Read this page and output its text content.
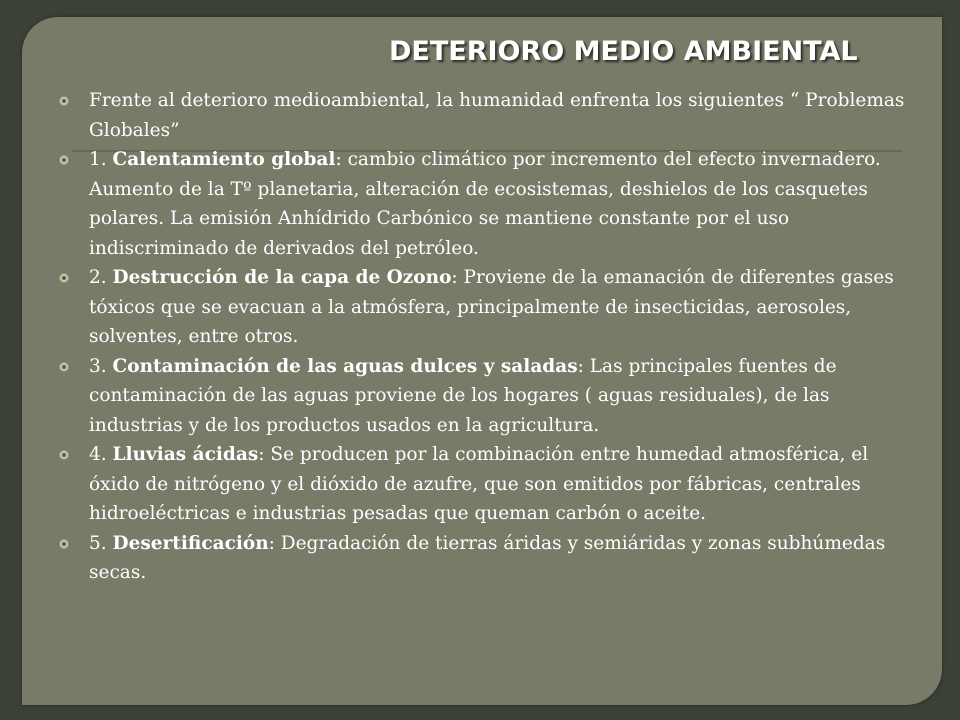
DETERIORO MEDIO AMBIENTAL
Frente al deterioro medioambiental, la humanidad enfrenta los siguientes “ Problemas Globales”
1. Calentamiento global: cambio climático por incremento del efecto invernadero. Aumento de la Tº planetaria, alteración de ecosistemas, deshielos de los casquetes polares. La emisión Anhídrido Carbónico se mantiene constante por el uso indiscriminado de derivados del petróleo.
2. Destrucción de la capa de Ozono: Proviene de la emanación de diferentes gases tóxicos que se evacuan a la atmósfera, principalmente de insecticidas, aerosoles, solventes, entre otros.
3. Contaminación de las aguas dulces y saladas: Las principales fuentes de contaminación de las aguas proviene de los hogares ( aguas residuales), de las industrias y de los productos usados en la agricultura.
4. Lluvias ácidas: Se producen por la combinación entre humedad atmosférica, el óxido de nitrógeno y el dióxido de azufre, que son emitidos por fábricas, centrales hidroeléctricas e industrias pesadas que queman carbón o aceite.
5. Desertificación: Degradación de tierras áridas y semiáridas y zonas subhúmedas secas.
